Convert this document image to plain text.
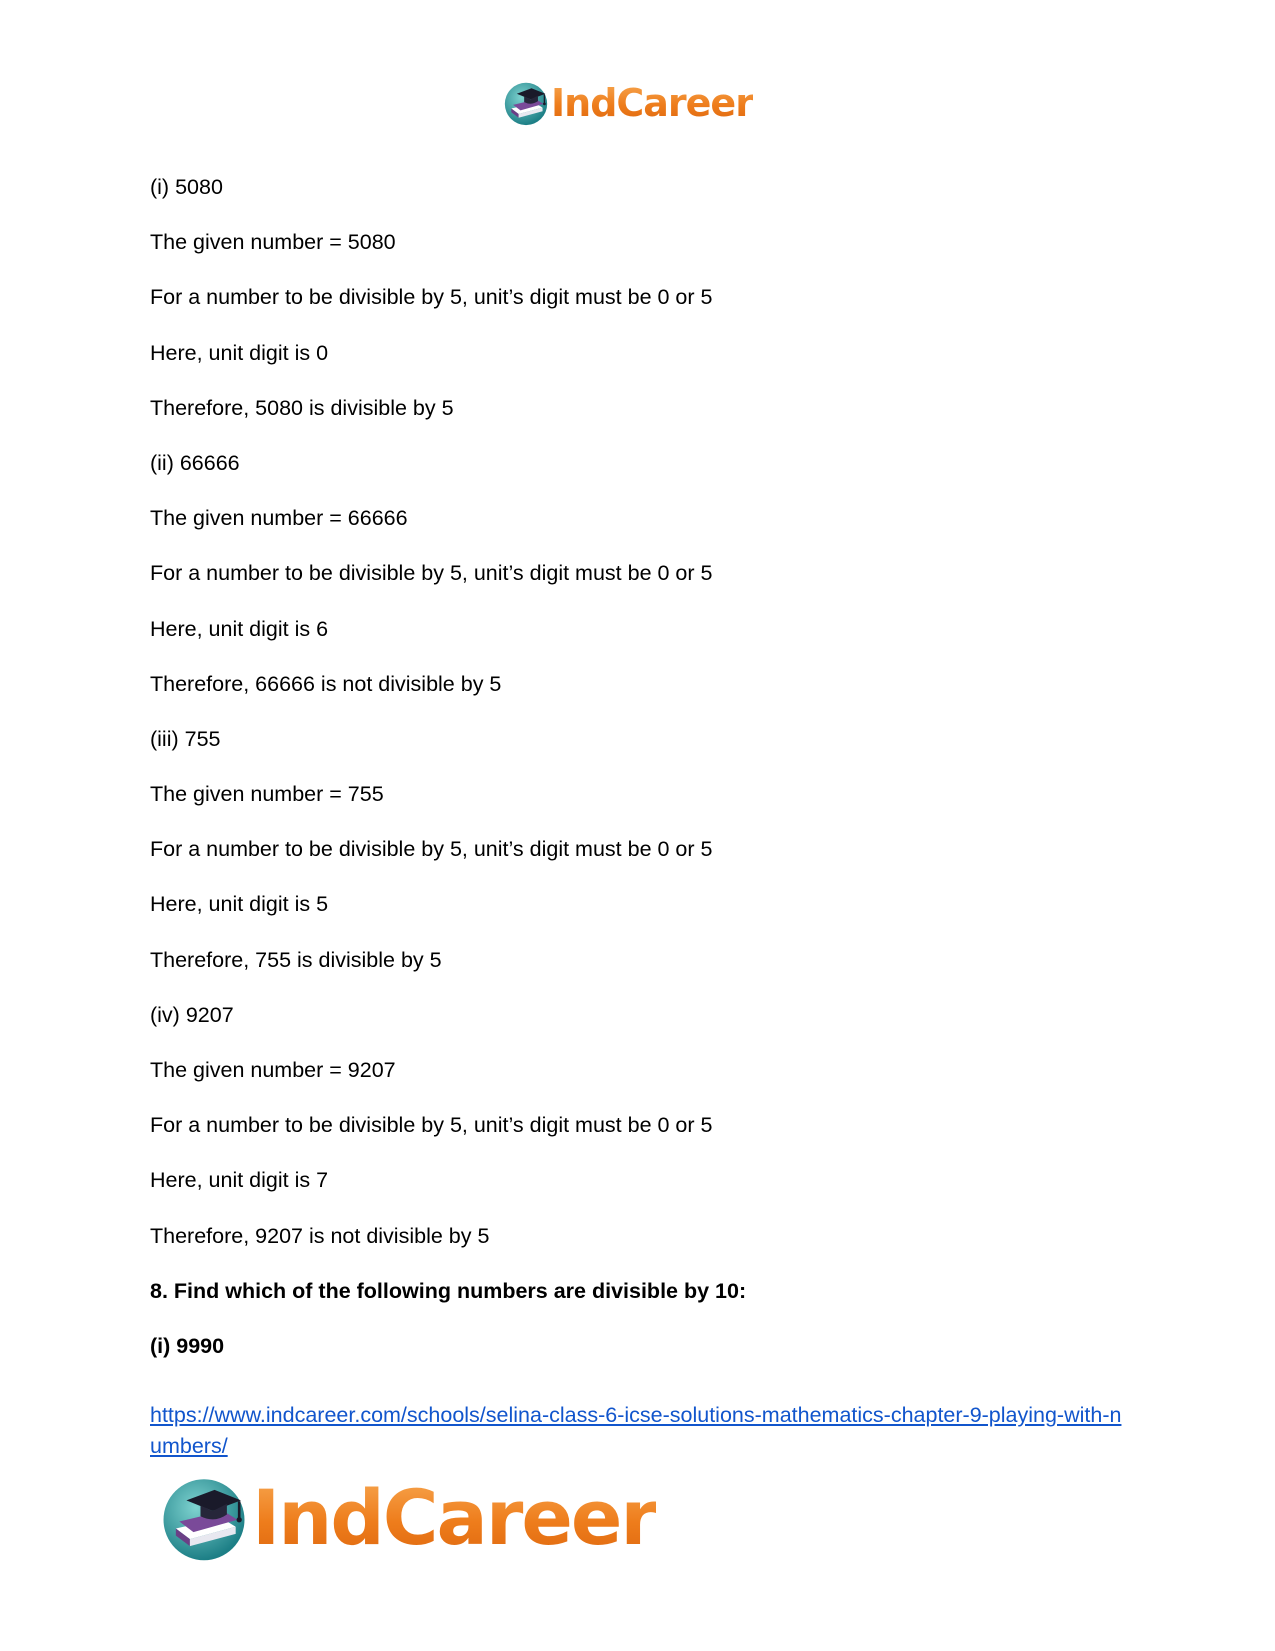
IndCareer
(i) 5080
The given number = 5080
For a number to be divisible by 5, unit’s digit must be 0 or 5
Here, unit digit is 0
Therefore, 5080 is divisible by 5
(ii) 66666
The given number = 66666
For a number to be divisible by 5, unit’s digit must be 0 or 5
Here, unit digit is 6
Therefore, 66666 is not divisible by 5
(iii) 755
The given number = 755
For a number to be divisible by 5, unit’s digit must be 0 or 5
Here, unit digit is 5
Therefore, 755 is divisible by 5
(iv) 9207
The given number = 9207
For a number to be divisible by 5, unit’s digit must be 0 or 5
Here, unit digit is 7
Therefore, 9207 is not divisible by 5
8. Find which of the following numbers are divisible by 10:
(i) 9990
https://www.indcareer.com/schools/selina-class-6-icse-solutions-mathematics-chapter-9-playing-with-numbers/
IndCareer
